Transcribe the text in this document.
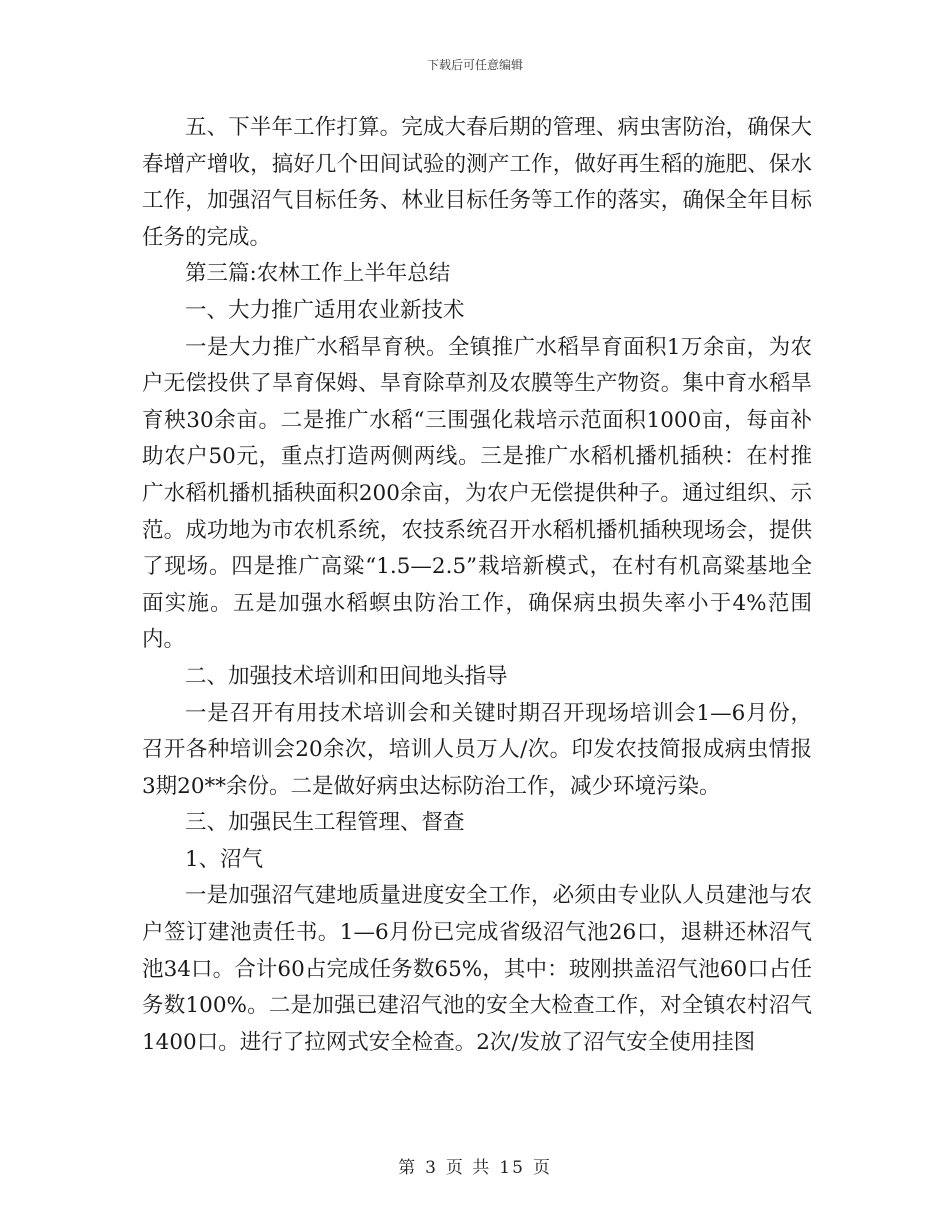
下载后可任意编辑

五、下半年工作打算。完成大春后期的管理、病虫害防治，确保大春增产增收，搞好几个田间试验的测产工作，做好再生稻的施肥、保水工作，加强沼气目标任务、林业目标任务等工作的落实，确保全年目标任务的完成。

第三篇:农林工作上半年总结

一、大力推广适用农业新技术

一是大力推广水稻旱育秧。全镇推广水稻旱育面积1万余亩，为农户无偿投供了旱育保姆、旱育除草剂及农膜等生产物资。集中育水稻旱育秧30余亩。二是推广水稻“三围强化栽培示范面积1000亩，每亩补助农户50元，重点打造两侧两线。三是推广水稻机播机插秧：在村推广水稻机播机插秧面积200余亩，为农户无偿提供种子。通过组织、示范。成功地为市农机系统，农技系统召开水稻机播机插秧现场会，提供了现场。四是推广高粱“1.5—2.5”栽培新模式，在村有机高粱基地全面实施。五是加强水稻螟虫防治工作，确保病虫损失率小于4%范围内。

二、加强技术培训和田间地头指导

一是召开有用技术培训会和关键时期召开现场培训会1—6月份，召开各种培训会20余次，培训人员万人/次。印发农技简报成病虫情报3期20**余份。二是做好病虫达标防治工作，减少环境污染。

三、加强民生工程管理、督查

1、沼气

一是加强沼气建地质量进度安全工作，必须由专业队人员建池与农户签订建池责任书。1—6月份已完成省级沼气池26口，退耕还林沼气池34口。合计60占完成任务数65%，其中：玻刚拱盖沼气池60口占任务数100%。二是加强已建沼气池的安全大检查工作，对全镇农村沼气1400口。进行了拉网式安全检查。2次/发放了沼气安全使用挂图

第 3 页 共 15 页
